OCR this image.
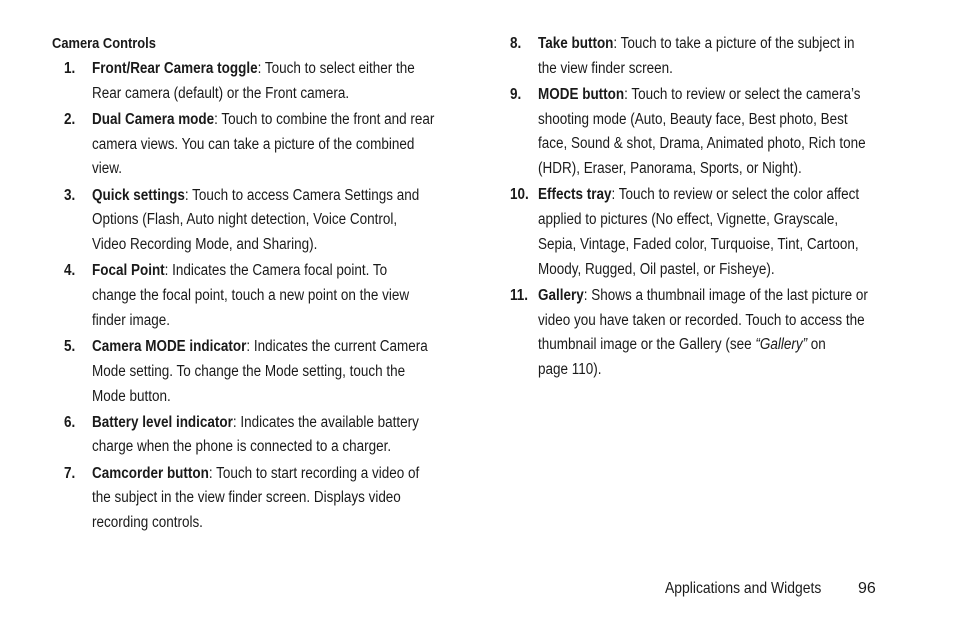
Camera Controls
1. Front/Rear Camera toggle: Touch to select either the
Rear camera (default) or the Front camera.
2. Dual Camera mode: Touch to combine the front and rear
camera views. You can take a picture of the combined
view.
3. Quick settings: Touch to access Camera Settings and
Options (Flash, Auto night detection, Voice Control,
Video Recording Mode, and Sharing).
4. Focal Point: Indicates the Camera focal point. To
change the focal point, touch a new point on the view
finder image.
5. Camera MODE indicator: Indicates the current Camera
Mode setting. To change the Mode setting, touch the
Mode button.
6. Battery level indicator: Indicates the available battery
charge when the phone is connected to a charger.
7. Camcorder button: Touch to start recording a video of
the subject in the view finder screen. Displays video
recording controls.
8. Take button: Touch to take a picture of the subject in
the view finder screen.
9. MODE button: Touch to review or select the camera’s
shooting mode (Auto, Beauty face, Best photo, Best
face, Sound & shot, Drama, Animated photo, Rich tone
(HDR), Eraser, Panorama, Sports, or Night).
10. Effects tray: Touch to review or select the color affect
applied to pictures (No effect, Vignette, Grayscale,
Sepia, Vintage, Faded color, Turquoise, Tint, Cartoon,
Moody, Rugged, Oil pastel, or Fisheye).
11. Gallery: Shows a thumbnail image of the last picture or
video you have taken or recorded. Touch to access the
thumbnail image or the Gallery (see “Gallery” on
page 110).
Applications and Widgets 96
